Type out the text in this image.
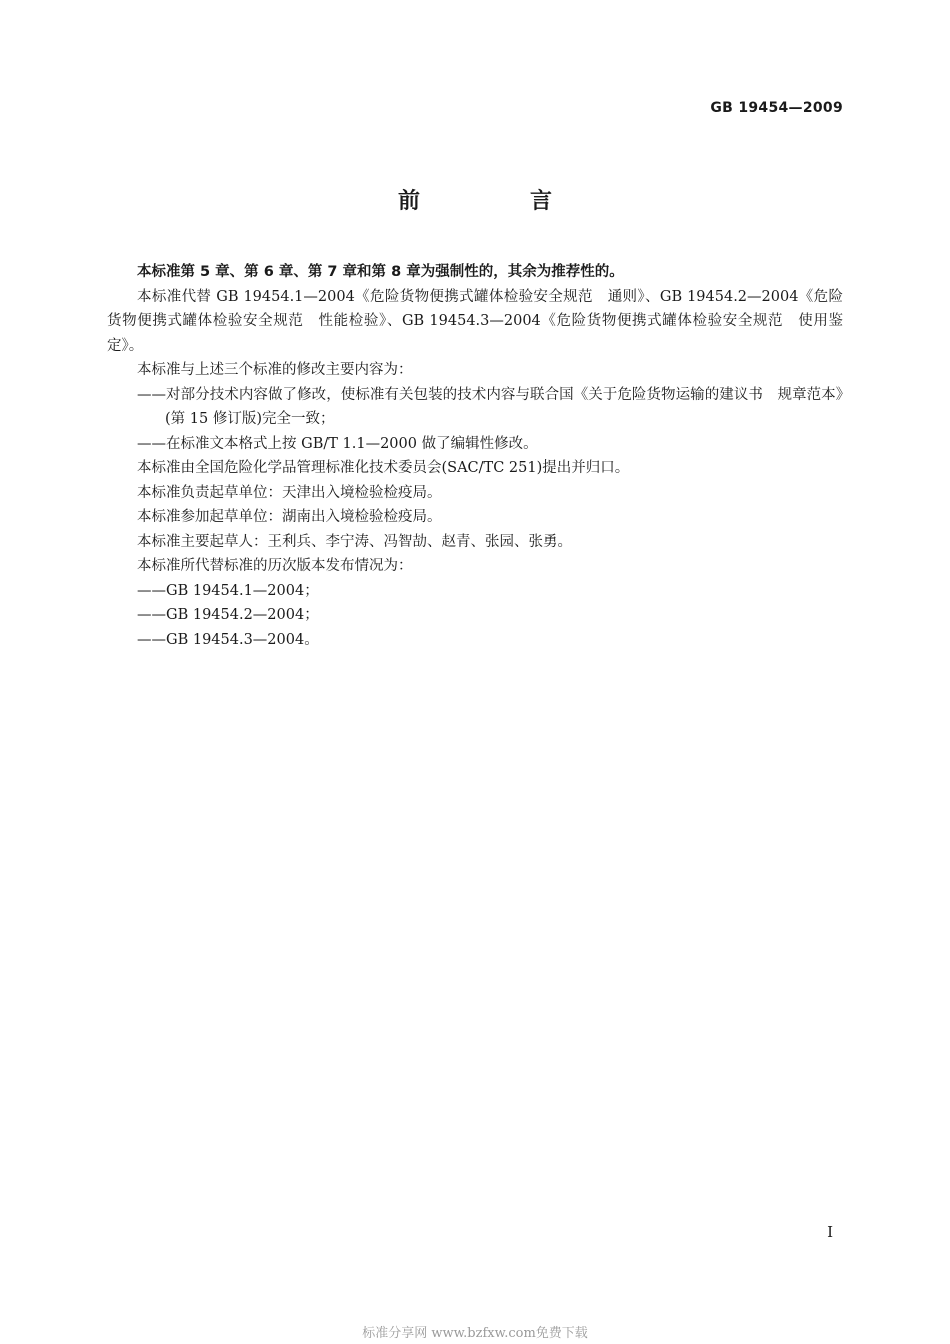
GB 19454—2009
前　言

本标准第 5 章、第 6 章、第 7 章和第 8 章为强制性的，其余为推荐性的。

本标准代替 GB 19454.1—2004《危险货物便携式罐体检验安全规范　通则》、GB 19454.2—2004《危险货物便携式罐体检验安全规范　性能检验》、GB 19454.3—2004《危险货物便携式罐体检验安全规范　使用鉴定》。

本标准与上述三个标准的修改主要内容为：

——对部分技术内容做了修改，使标准有关包装的技术内容与联合国《关于危险货物运输的建议书　规章范本》(第 15 修订版)完全一致；

——在标准文本格式上按 GB/T 1.1—2000 做了编辑性修改。

本标准由全国危险化学品管理标准化技术委员会(SAC/TC 251)提出并归口。

本标准负责起草单位：天津出入境检验检疫局。

本标准参加起草单位：湖南出入境检验检疫局。

本标准主要起草人：王利兵、李宁涛、冯智劼、赵青、张园、张勇。

本标准所代替标准的历次版本发布情况为：

——GB 19454.1—2004；

——GB 19454.2—2004；

——GB 19454.3—2004。

I
标准分享网 www.bzfxw.com免费下载
